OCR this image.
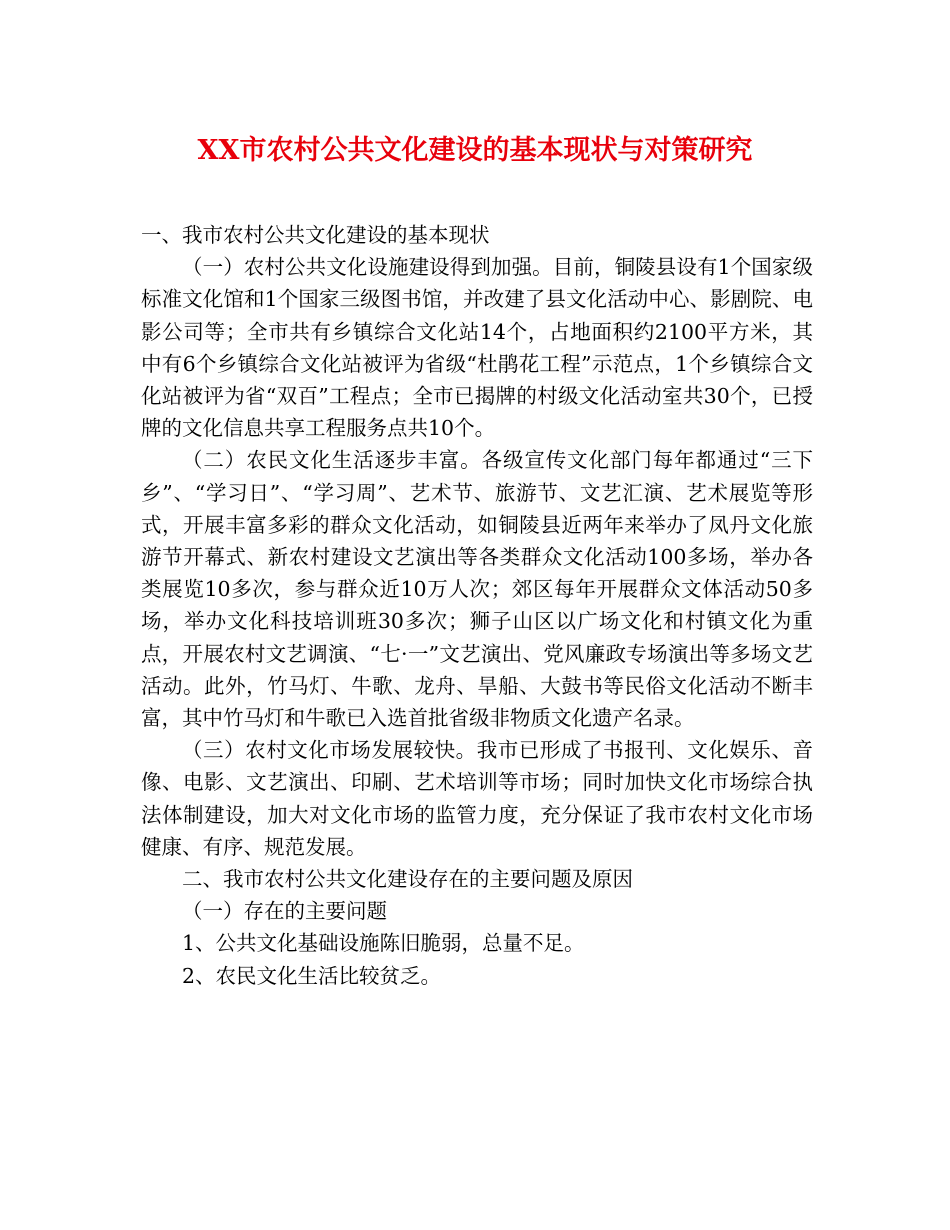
XX市农村公共文化建设的基本现状与对策研究

一、我市农村公共文化建设的基本现状

（一）农村公共文化设施建设得到加强。目前，铜陵县设有1个国家级标准文化馆和1个国家三级图书馆，并改建了县文化活动中心、影剧院、电影公司等；全市共有乡镇综合文化站14个，占地面积约2100平方米，其中有6个乡镇综合文化站被评为省级“杜鹃花工程”示范点，1个乡镇综合文化站被评为省“双百”工程点；全市已揭牌的村级文化活动室共30个，已授牌的文化信息共享工程服务点共10个。

（二）农民文化生活逐步丰富。各级宣传文化部门每年都通过“三下乡”、“学习日”、“学习周”、艺术节、旅游节、文艺汇演、艺术展览等形式，开展丰富多彩的群众文化活动，如铜陵县近两年来举办了凤丹文化旅游节开幕式、新农村建设文艺演出等各类群众文化活动100多场，举办各类展览10多次，参与群众近10万人次；郊区每年开展群众文体活动50多场，举办文化科技培训班30多次；狮子山区以广场文化和村镇文化为重点，开展农村文艺调演、“七·一”文艺演出、党风廉政专场演出等多场文艺活动。此外，竹马灯、牛歌、龙舟、旱船、大鼓书等民俗文化活动不断丰富，其中竹马灯和牛歌已入选首批省级非物质文化遗产名录。

（三）农村文化市场发展较快。我市已形成了书报刊、文化娱乐、音像、电影、文艺演出、印刷、艺术培训等市场；同时加快文化市场综合执法体制建设，加大对文化市场的监管力度，充分保证了我市农村文化市场健康、有序、规范发展。

二、我市农村公共文化建设存在的主要问题及原因

（一）存在的主要问题

1、公共文化基础设施陈旧脆弱，总量不足。

2、农民文化生活比较贫乏。
